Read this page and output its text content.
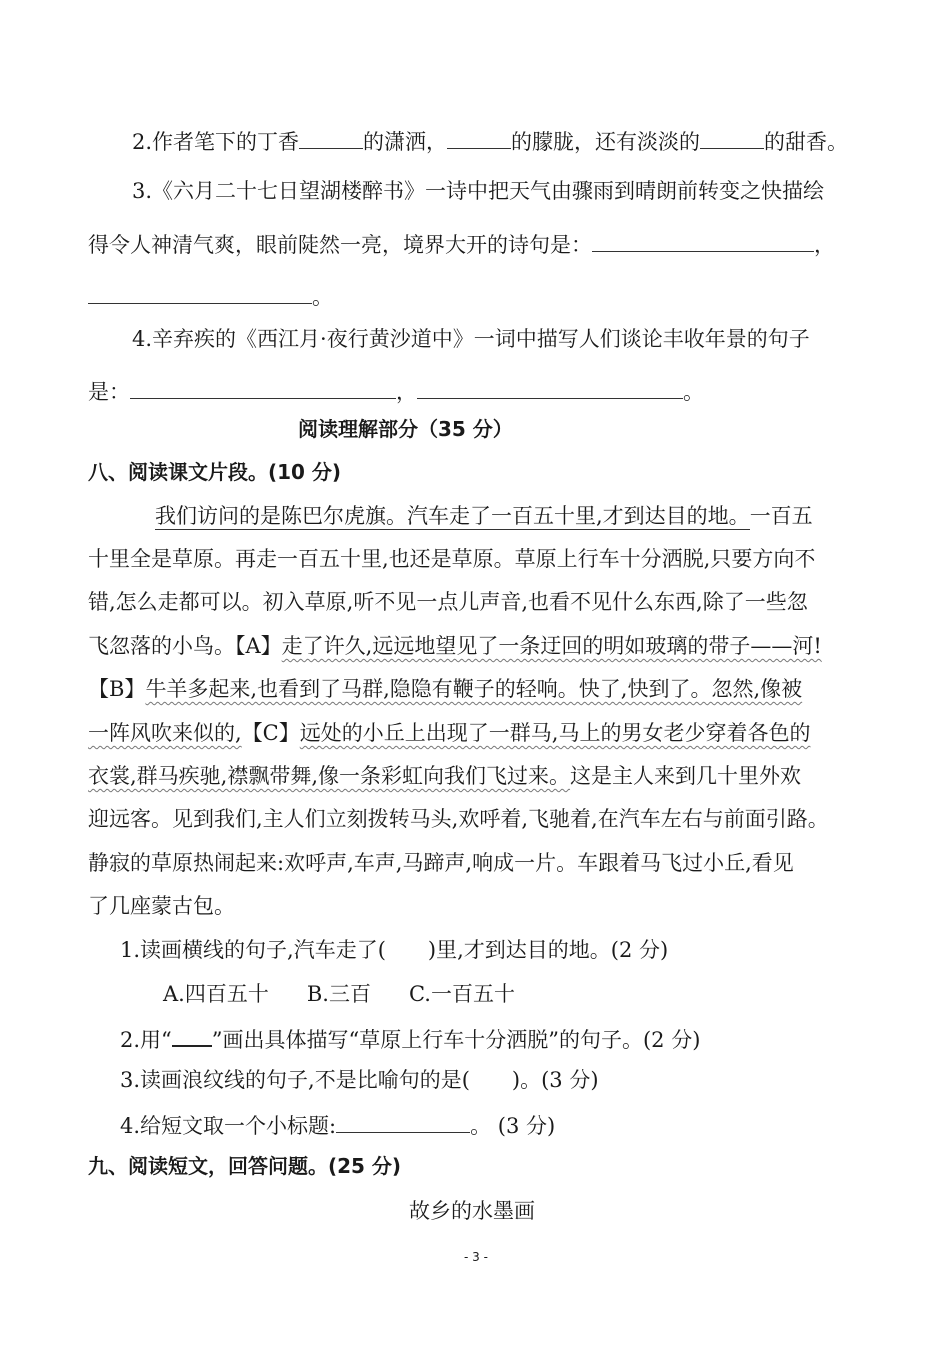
2.作者笔下的丁香	的潇洒，	的朦胧，还有淡淡的	的甜香。
3.《六月二十七日望湖楼醉书》一诗中把天气由骤雨到晴朗前转变之快描绘
得令人神清气爽，眼前陡然一亮，境界大开的诗句是：	，
。
4.辛弃疾的《西江月·夜行黄沙道中》一词中描写人们谈论丰收年景的句子
是：	，	。
阅读理解部分（35 分）
八、阅读课文片段。(10 分)
我们访问的是陈巴尔虎旗。汽车走了一百五十里,才到达目的地。一百五
十里全是草原。再走一百五十里,也还是草原。草原上行车十分洒脱,只要方向不
错,怎么走都可以。初入草原,听不见一点儿声音,也看不见什么东西,除了一些忽
飞忽落的小鸟。【A】走了许久,远远地望见了一条迂回的明如玻璃的带子——河!
【B】牛羊多起来,也看到了马群,隐隐有鞭子的轻响。快了,快到了。忽然,像被
一阵风吹来似的,【C】远处的小丘上出现了一群马,马上的男女老少穿着各色的
衣裳,群马疾驰,襟飘带舞,像一条彩虹向我们飞过来。这是主人来到几十里外欢
迎远客。见到我们,主人们立刻拨转马头,欢呼着,飞驰着,在汽车左右与前面引路。
静寂的草原热闹起来:欢呼声,车声,马蹄声,响成一片。车跟着马飞过小丘,看见
了几座蒙古包。
1.读画横线的句子,汽车走了(　　)里,才到达目的地。(2 分)
A.四百五十 B.三百 C.一百五十
2.用“ ”画出具体描写“草原上行车十分洒脱”的句子。(2 分)
3.读画浪纹线的句子,不是比喻句的是(　　)。(3 分)
4.给短文取一个小标题:	。 (3 分)
九、阅读短文，回答问题。(25 分)
故乡的水墨画
- 3 -
